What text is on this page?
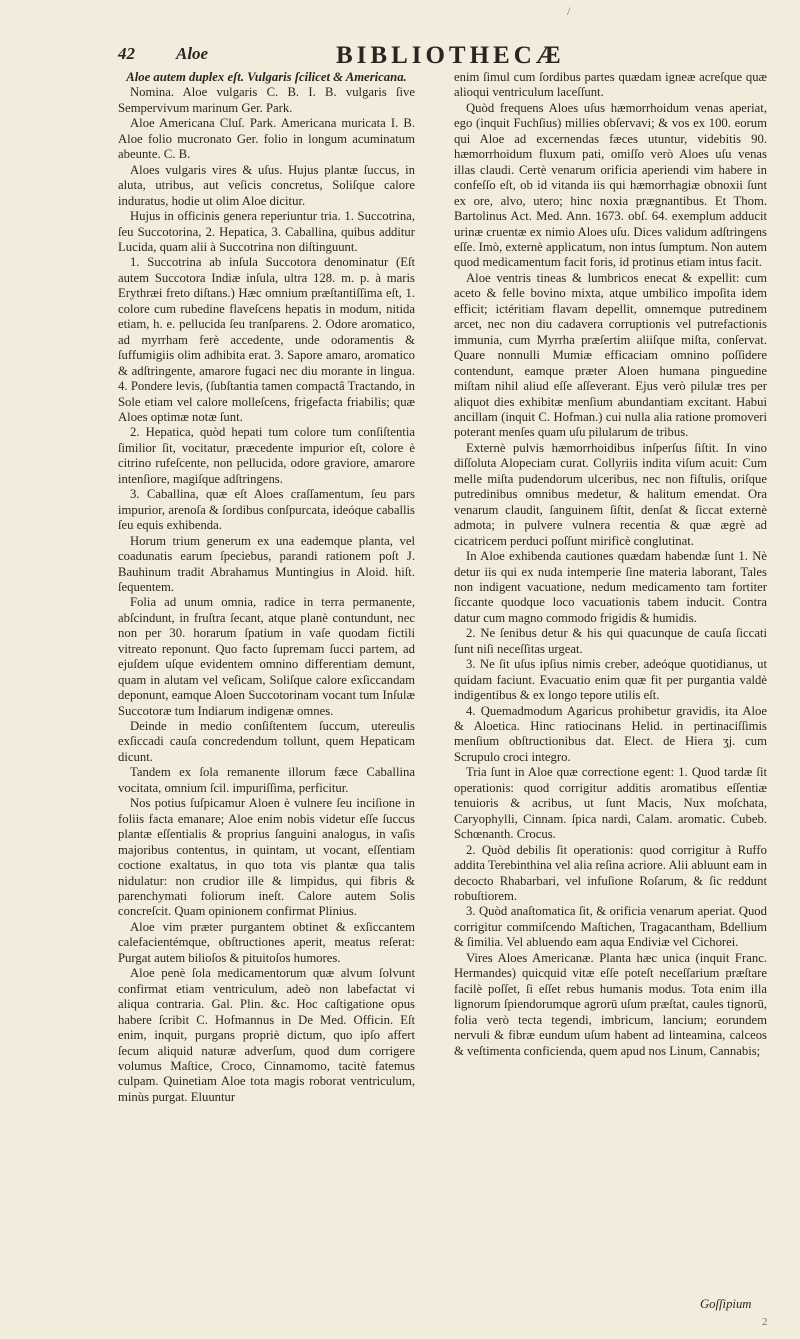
/
42 Aloe	BIBLIOTHECÆ

Aloe autem duplex eſt. Vulgaris ſcilicet & Americana.

Nomina. Aloe vulgaris C. B. I. B. vulgaris ſive Sempervivum marinum Ger. Park.

Aloe Americana Cluſ. Park. Americana muricata I. B. Aloe folio mucronato Ger. folio in longum acuminatum abeunte. C. B.

Aloes vulgaris vires & uſus. Hujus plantæ ſuccus, in aluta, utribus, aut veſicis concretus, Soliſque calore induratus, hodie ut olim Aloe dicitur.

Hujus in officinis genera reperiuntur tria. 1. Succotrina, ſeu Succotorina, 2. Hepatica, 3. Caballina, quibus additur Lucida, quam alii à Succotrina non diſtinguunt.

1. Succotrina ab inſula Succotora denominatur (Eſt autem Succotora Indiæ inſula, ultra 128. m. p. à maris Erythræi freto diſtans.) Hæc omnium præſtantiſſima eſt, 1. colore cum rubedine flaveſcens hepatis in modum, nitida etiam, h. e. pellucida ſeu tranſparens. 2. Odore aromatico, ad myrrham ferè accedente, unde odoramentis & ſuffumigiis olim adhibita erat. 3. Sapore amaro, aromatico & adſtringente, amarore fugaci nec diu morante in lingua. 4. Pondere levis, (ſubſtantia tamen compactâ Tractando, in Sole etiam vel calore molleſcens, frigefacta friabilis; quæ Aloes optimæ notæ ſunt.

2. Hepatica, quòd hepati tum colore tum conſiſtentia ſimilior ſit, vocitatur, præcedente impurior eſt, colore è citrino rufeſcente, non pellucida, odore graviore, amarore intenſiore, magiſque adſtringens.

3. Caballina, quæ eſt Aloes craſſamentum, ſeu pars impurior, arenoſa & ſordibus conſpurcata, ideóque caballis ſeu equis exhibenda.

Horum trium generum ex una eademque planta, vel coadunatis earum ſpeciebus, parandi rationem poſt J. Bauhinum tradit Abrahamus Muntingius in Aloid. hiſt. ſequentem.

Folia ad unum omnia, radice in terra permanente, abſcindunt, in fruſtra ſecant, atque planè contundunt, nec non per 30. horarum ſpatium in vaſe quodam fictili vitreato reponunt. Quo facto ſupremam ſucci partem, ad ejuſdem uſque evidentem omnino differentiam demunt, quam in alutam vel veſicam, Soliſque calore exſiccandam deponunt, eamque Aloen Succotorinam vocant tum Inſulæ Succotoræ tum Indiarum indigenæ omnes.

Deinde in medio conſiſtentem ſuccum, utereulis exſiccadi cauſa concredendum tollunt, quem Hepaticam dicunt.

Tandem ex ſola remanente illorum fæce Caballina vocitata, omnium ſcil. impuriſſima, perficitur.

Nos potius ſuſpicamur Aloen è vulnere ſeu inciſione in foliis facta emanare; Aloe enim nobis videtur eſſe ſuccus plantæ eſſentialis & proprius ſanguini analogus, in vaſis majoribus contentus, in quintam, ut vocant, eſſentiam coctione exaltatus, in quo tota vis plantæ qua talis nidulatur: non crudior ille & limpidus, qui fibris & parenchymati foliorum ineſt. Calore autem Solis concreſcit. Quam opinionem confirmat Plinius.

Aloe vim præter purgantem obtinet & exſiccantem calefacientémque, obſtructiones aperit, meatus reſerat: Purgat autem bilioſos & pituitoſos humores.

Aloe penè ſola medicamentorum quæ alvum ſolvunt confirmat etiam ventriculum, adeò non labefactat vi aliqua contraria. Gal. Plin. &c. Hoc caſtigatione opus habere ſcribit C. Hofmannus in De Med. Officin. Eſt enim, inquit, purgans propriè dictum, quo ipſo affert ſecum aliquid naturæ adverſum, quod dum corrigere volumus Maſtice, Croco, Cinnamomo, tacitè fatemus culpam. Quinetiam Aloe tota magis roborat ventriculum, minùs purgat. Eluuntur

enim ſimul cum ſordibus partes quædam igneæ acreſque quæ alioqui ventriculum laceſſunt.

Quòd frequens Aloes uſus hæmorrhoidum venas aperiat, ego (inquit Fuchſius) millies obſervavi; & vos ex 100. eorum qui Aloe ad excernendas fæces utuntur, videbitis 90. hæmorrhoidum fluxum pati, omiſſo verò Aloes uſu venas illas claudi. Certè venarum orificia aperiendi vim habere in confeſſo eſt, ob id vitanda iis qui hæmorrhagiæ obnoxii ſunt ex ore, alvo, utero; hinc noxia prægnantibus. Et Thom. Bartolinus Act. Med. Ann. 1673. obſ. 64. exemplum adducit urinæ cruentæ ex nimio Aloes uſu. Dices validum adſtringens eſſe. Imò, externè applicatum, non intus ſumptum. Non autem quod medicamentum facit foris, id protinus etiam intus facit.

Aloe ventris tineas & lumbricos enecat & expellit: cum aceto & felle bovino mixta, atque umbilico impoſita idem efficit; ictéritiam flavam depellit, omnemque putredinem arcet, nec non diu cadavera corruptionis vel putrefactionis immunia, cum Myrrha præſertim aliiſque miſta, conſervat. Quare nonnulli Mumiæ efficaciam omnino poſſidere contendunt, eamque præter Aloen humana pinguedine miſtam nihil aliud eſſe aſſeverant. Ejus verò pilulæ tres per aliquot dies exhibitæ menſium abundantiam excitant. Habui ancillam (inquit C. Hofman.) cui nulla alia ratione promoveri poterant menſes quam uſu pilularum de tribus.

Externè pulvis hæmorrhoidibus inſperſus ſiſtit. In vino diſſoluta Alopeciam curat. Collyriis indita viſum acuit: Cum melle miſta pudendorum ulceribus, nec non fiſtulis, oriſque putredinibus omnibus medetur, & halitum emendat. Ora venarum claudit, ſanguinem ſiſtit, denſat & ſiccat externè admota; in pulvere vulnera recentia & quæ ægrè ad cicatricem perduci poſſunt mirificè conglutinat.

In Aloe exhibenda cautiones quædam habendæ ſunt 1. Nè detur iis qui ex nuda intemperie ſine materia laborant, Tales non indigent vacuatione, nedum medicamento tam fortiter ſiccante quodque loco vacuationis tabem inducit. Contra datur cum magno commodo frigidis & humidis.

2. Ne ſenibus detur & his qui quacunque de cauſa ſiccati ſunt niſi neceſſitas urgeat.

3. Ne ſit uſus ipſius nimis creber, adeóque quotidianus, ut quidam faciunt. Evacuatio enim quæ fit per purgantia valdè indigentibus & ex longo tepore utilis eſt.

4. Quemadmodum Agaricus prohibetur gravidis, ita Aloe & Aloetica. Hinc ratiocinans Helid. in pertinaciſſimis menſium obſtructionibus dat. Elect. de Hiera ʒj. cum Scrupulo croci integro.

Tria ſunt in Aloe quæ correctione egent: 1. Quod tardæ ſit operationis: quod corrigitur additis aromatibus eſſentiæ tenuioris & acribus, ut ſunt Macis, Nux moſchata, Caryophylli, Cinnam. ſpica nardi, Calam. aromatic. Cubeb. Schœnanth. Crocus.

2. Quòd debilis ſit operationis: quod corrigitur à Ruffo addita Terebinthina vel alia reſina acriore. Alii abluunt eam in decocto Rhabarbari, vel infuſione Roſarum, & ſic reddunt robuſtiorem.

3. Quòd anaſtomatica ſit, & orificia venarum aperiat. Quod corrigitur commiſcendo Maſtichen, Tragacantham, Bdellium & ſimilia. Vel abluendo eam aqua Endiviæ vel Cichorei.

Vires Aloes Americanæ. Planta hæc unica (inquit Franc. Hermandes) quicquid vitæ eſſe poteſt neceſſarium præſtare facilè poſſet, ſi eſſet rebus humanis modus. Tota enim illa lignorum ſpiendorumque agrorū uſum præſtat, caules tignorū, folia verò tecta tegendi, imbricum, lancium; eorundem nervuli & fibræ eundum uſum habent ad linteamina, calceos & veſtimenta conficienda, quem apud nos Linum, Cannabis;

Goſſipium
2
